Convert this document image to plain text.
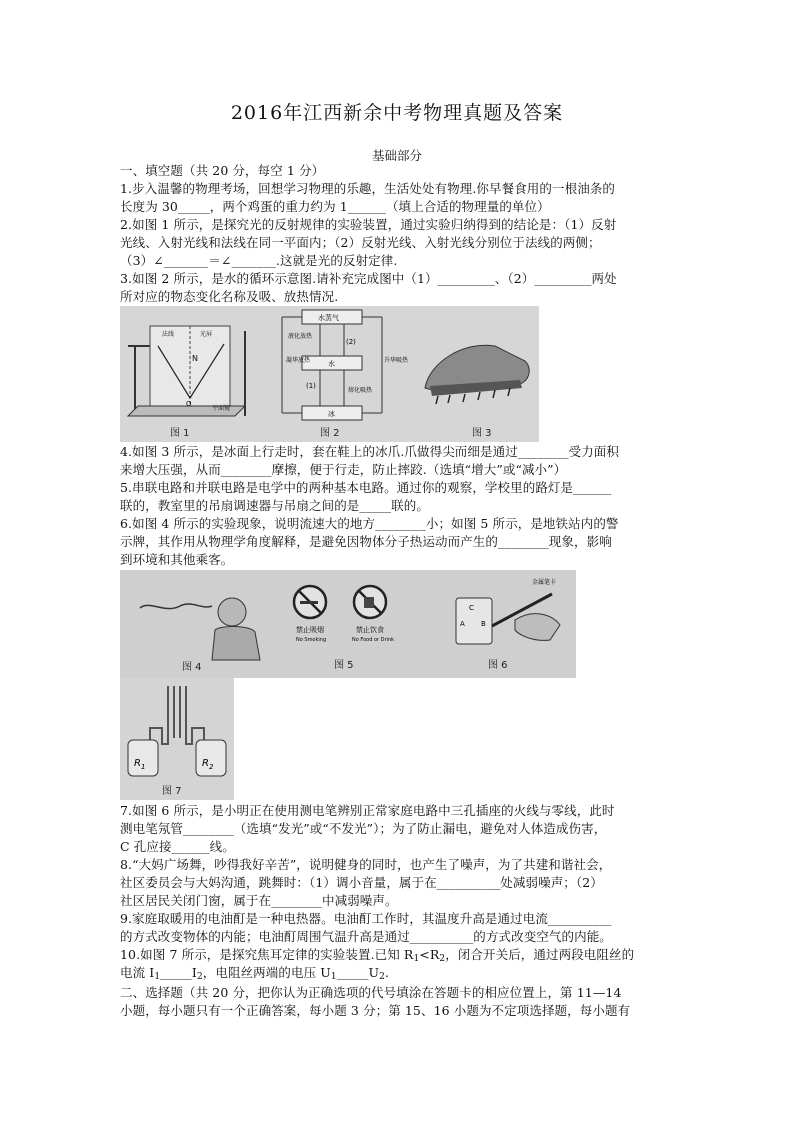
2016年江西新余中考物理真题及答案
基础部分
一、填空题（共 20 分，每空 1 分）
1.步入温馨的物理考场，回想学习物理的乐趣，生活处处有物理.你早餐食用的一根油条的
长度为 30_____，两个鸡蛋的重力约为 1______（填上合适的物理量的单位）
2.如图 1 所示，是探究光的反射规律的实验装置，通过实验归纳得到的结论是：（1）反射
光线、入射光线和法线在同一平面内；（2）反射光线、入射光线分别位于法线的两侧；
（3）∠_______＝∠_______.这就是光的反射定律.
3.如图 2 所示，是水的循环示意图.请补充完成图中（1）_________、（2）_________两处
所对应的物态变化名称及吸、放热情况.
N
O
平面镜
法线	光屏
图 1
水蒸气
水
冰
液化放热
凝华放热	升华吸热
熔化吸热
(2)
(1)
图 2	图 3
4.如图 3 所示，是冰面上行走时，套在鞋上的冰爪.爪做得尖而细是通过________受力面积
来增大压强，从而________摩擦，便于行走，防止摔跤.（选填“增大”或“减小”）
5.串联电路和并联电路是电学中的两种基本电路。通过你的观察，学校里的路灯是______
联的，教室里的吊扇调速器与吊扇之间的是_____联的。
6.如图 4 所示的实验现象，说明流速大的地方________小；如图 5 所示，是地铁站内的警
示牌，其作用从物理学角度解释，是避免因物体分子热运动而产生的________现象，影响
到环境和其他乘客。
图 4
禁止吸烟
No Smoking
禁止饮食
No Food or Drink
图 5
C
A B
金属笔卡
图 6
$R_1$	$R_2$
图 7
7.如图 6 所示，是小明正在使用测电笔辨别正常家庭电路中三孔插座的火线与零线，此时
测电笔氖管________（选填“发光”或“不发光”）；为了防止漏电，避免对人体造成伤害，
C 孔应接______线。
8.“大妈广场舞，吵得我好辛苦”，说明健身的同时，也产生了噪声，为了共建和谐社会，
社区委员会与大妈沟通，跳舞时：（1）调小音量，属于在__________处减弱噪声；（2）
社区居民关闭门窗，属于在________中减弱噪声。
9.家庭取暖用的电油酊是一种电热器。电油酊工作时，其温度升高是通过电流__________
的方式改变物体的内能；电油酊周围气温升高是通过__________的方式改变空气的内能。
10.如图 7 所示，是探究焦耳定律的实验装置.已知 $R_1<R_2$，闭合开关后，通过两段电阻丝的
电流 $I_1\_\_\_\_\_I_2$，电阻丝两端的电压 $U_1\_\_\_\_\_U_2$.
二、选择题（共 20 分，把你认为正确选项的代号填涂在答题卡的相应位置上，第 11—14
小题，每小题只有一个正确答案，每小题 3 分；第 15、16 小题为不定项选择题，每小题有
